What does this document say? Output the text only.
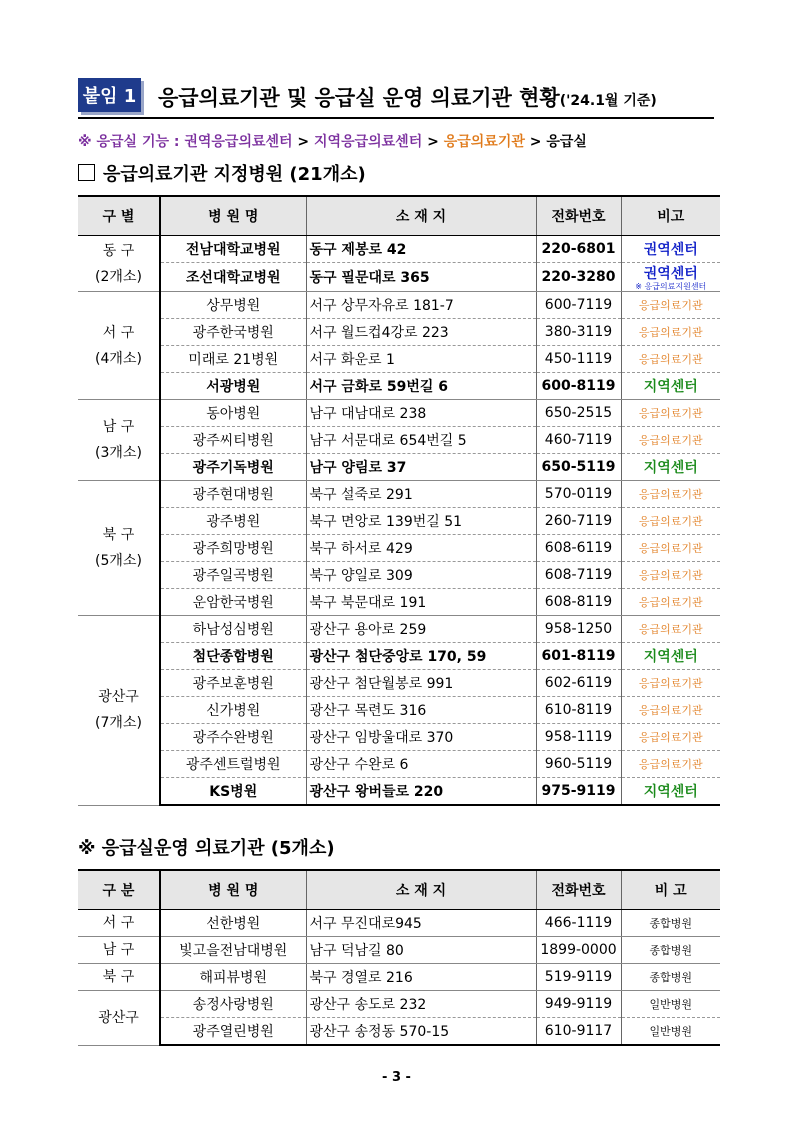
붙임 1 응급의료기관 및 응급실 운영 의료기관 현황('24.1월 기준)
※ 응급실 기능 : 권역응급의료센터 > 지역응급의료센터 > 응급의료기관 > 응급실
응급의료기관 지정병원 (21개소)
구 별	병 원 명	소 재 지	전화번호	비고

동 구
(2개소)	전남대학교병원	동구 제봉로 42	220-6801	권역센터
	조선대학교병원	동구 필문대로 365	220-3280	권역센터
※ 응급의료지원센터

서 구
(4개소)	상무병원	서구 상무자유로 181-7	600-7119	응급의료기관
	광주한국병원	서구 월드컵4강로 223	380-3119	응급의료기관
	미래로 21병원	서구 화운로 1	450-1119	응급의료기관
	서광병원	서구 금화로 59번길 6	600-8119	지역센터

남 구
(3개소)	동아병원	남구 대남대로 238	650-2515	응급의료기관
	광주씨티병원	남구 서문대로 654번길 5	460-7119	응급의료기관
	광주기독병원	남구 양림로 37	650-5119	지역센터

북 구
(5개소)	광주현대병원	북구 설죽로 291	570-0119	응급의료기관
	광주병원	북구 면앙로 139번길 51	260-7119	응급의료기관
	광주희망병원	북구 하서로 429	608-6119	응급의료기관
	광주일곡병원	북구 양일로 309	608-7119	응급의료기관
	운암한국병원	북구 북문대로 191	608-8119	응급의료기관

광산구
(7개소)	하남성심병원	광산구 용아로 259	958-1250	응급의료기관
	첨단종합병원	광산구 첨단중앙로 170, 59	601-8119	지역센터
	광주보훈병원	광산구 첨단월봉로 991	602-6119	응급의료기관
	신가병원	광산구 목련도 316	610-8119	응급의료기관
	광주수완병원	광산구 임방울대로 370	958-1119	응급의료기관
	광주센트럴병원	광산구 수완로 6	960-5119	응급의료기관
	KS병원	광산구 왕버들로 220	975-9119	지역센터
※ 응급실운영 의료기관 (5개소)
구 분	병 원 명	소 재 지	전화번호	비 고
서 구	선한병원	서구 무진대로945	466-1119	종합병원
남 구	빛고을전남대병원	남구 덕남길 80	1899-0000	종합병원
북 구	해피뷰병원	북구 경열로 216	519-9119	종합병원
광산구	송정사랑병원	광산구 송도로 232	949-9119	일반병원
	광주열린병원	광산구 송정동 570-15	610-9117	일반병원
- 3 -
